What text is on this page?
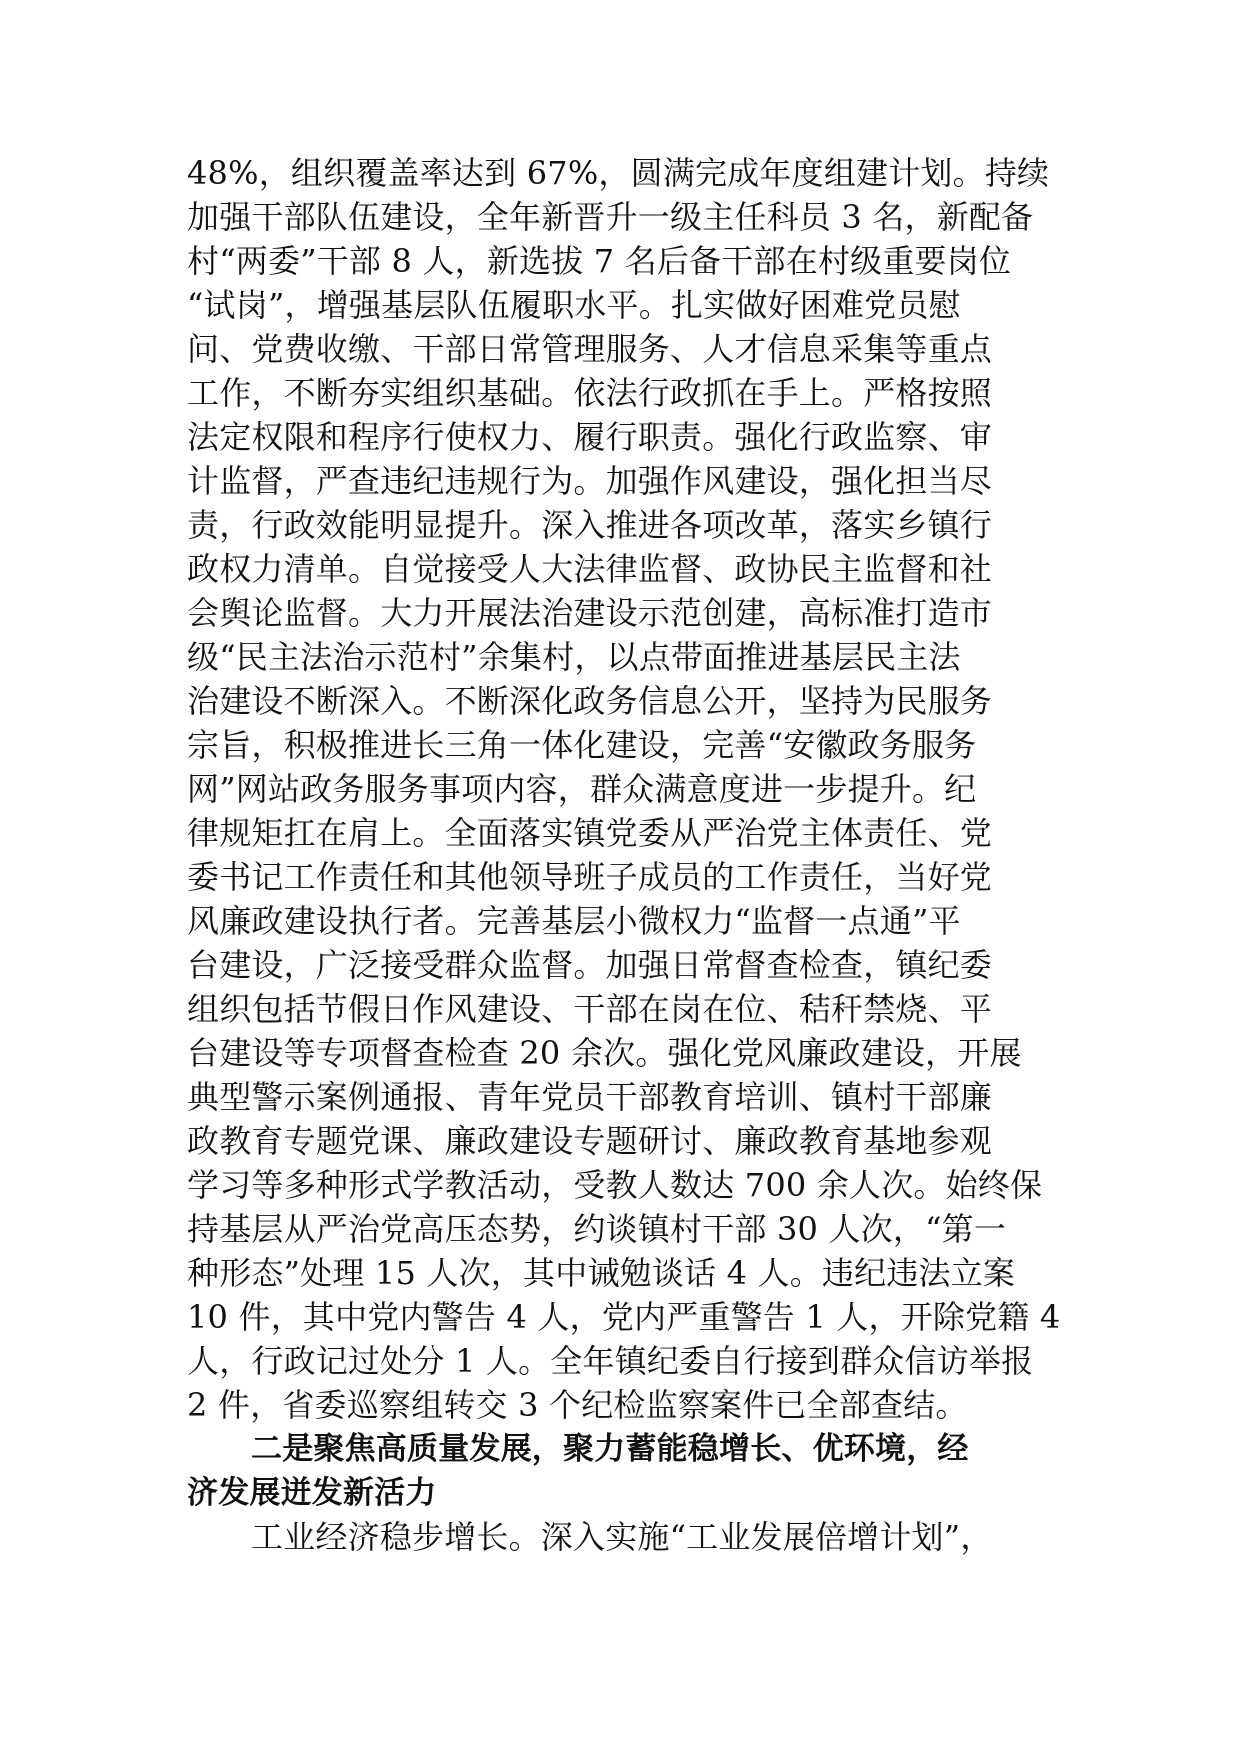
48%，组织覆盖率达到 67%，圆满完成年度组建计划。持续
加强干部队伍建设，全年新晋升一级主任科员 3 名，新配备
村“两委”干部 8 人，新选拔 7 名后备干部在村级重要岗位
“试岗”，增强基层队伍履职水平。扎实做好困难党员慰
问、党费收缴、干部日常管理服务、人才信息采集等重点
工作，不断夯实组织基础。依法行政抓在手上。严格按照
法定权限和程序行使权力、履行职责。强化行政监察、审
计监督，严查违纪违规行为。加强作风建设，强化担当尽
责，行政效能明显提升。深入推进各项改革，落实乡镇行
政权力清单。自觉接受人大法律监督、政协民主监督和社
会舆论监督。大力开展法治建设示范创建，高标准打造市
级“民主法治示范村”余集村，以点带面推进基层民主法
治建设不断深入。不断深化政务信息公开，坚持为民服务
宗旨，积极推进长三角一体化建设，完善“安徽政务服务
网”网站政务服务事项内容，群众满意度进一步提升。纪
律规矩扛在肩上。全面落实镇党委从严治党主体责任、党
委书记工作责任和其他领导班子成员的工作责任，当好党
风廉政建设执行者。完善基层小微权力“监督一点通”平
台建设，广泛接受群众监督。加强日常督查检查，镇纪委
组织包括节假日作风建设、干部在岗在位、秸秆禁烧、平
台建设等专项督查检查 20 余次。强化党风廉政建设，开展
典型警示案例通报、青年党员干部教育培训、镇村干部廉
政教育专题党课、廉政建设专题研讨、廉政教育基地参观
学习等多种形式学教活动，受教人数达 700 余人次。始终保
持基层从严治党高压态势，约谈镇村干部 30 人次，“第一
种形态”处理 15 人次，其中诫勉谈话 4 人。违纪违法立案
10 件，其中党内警告 4 人，党内严重警告 1 人，开除党籍 4
人，行政记过处分 1 人。全年镇纪委自行接到群众信访举报
2 件，省委巡察组转交 3 个纪检监察案件已全部查结。
二是聚焦高质量发展，聚力蓄能稳增长、优环境，经
济发展迸发新活力
工业经济稳步增长。深入实施“工业发展倍增计划”，
